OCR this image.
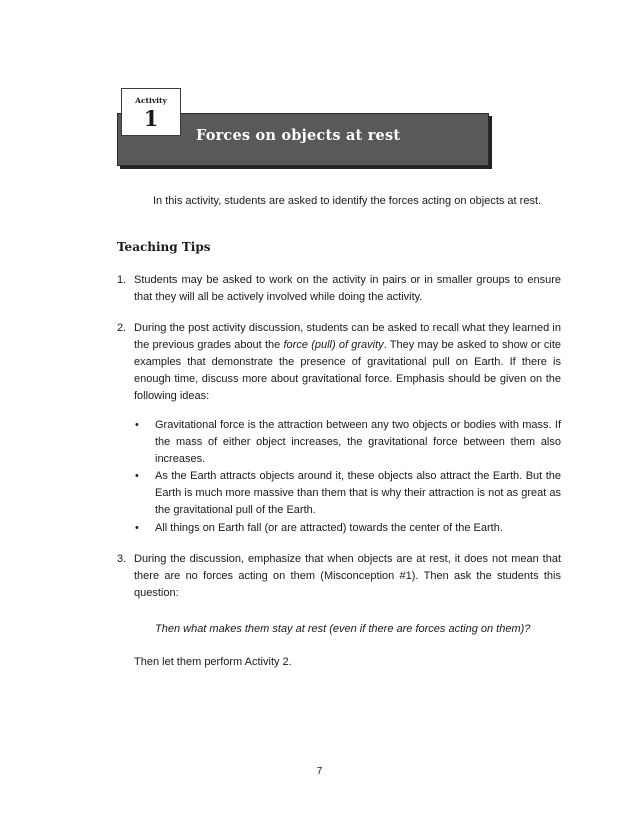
Forces on objects at rest
Activity
1

In this activity, students are asked to identify the forces acting on objects at rest.

Teaching Tips
1. Students may be asked to work on the activity in pairs or in smaller groups to ensure that they will all be actively involved while doing the activity.

2. During the post activity discussion, students can be asked to recall what they learned in the previous grades about the force (pull) of gravity. They may be asked to show or cite examples that demonstrate the presence of gravitational pull on Earth. If there is enough time, discuss more about gravitational force. Emphasis should be given on the following ideas:

• Gravitational force is the attraction between any two objects or bodies with mass. If the mass of either object increases, the gravitational force between them also increases.

• As the Earth attracts objects around it, these objects also attract the Earth. But the Earth is much more massive than them that is why their attraction is not as great as the gravitational pull of the Earth.

• All things on Earth fall (or are attracted) towards the center of the Earth.

3. During the discussion, emphasize that when objects are at rest, it does not mean that there are no forces acting on them (Misconception #1). Then ask the students this question:

Then what makes them stay at rest (even if there are forces acting on them)?
Then let them perform Activity 2.
7
